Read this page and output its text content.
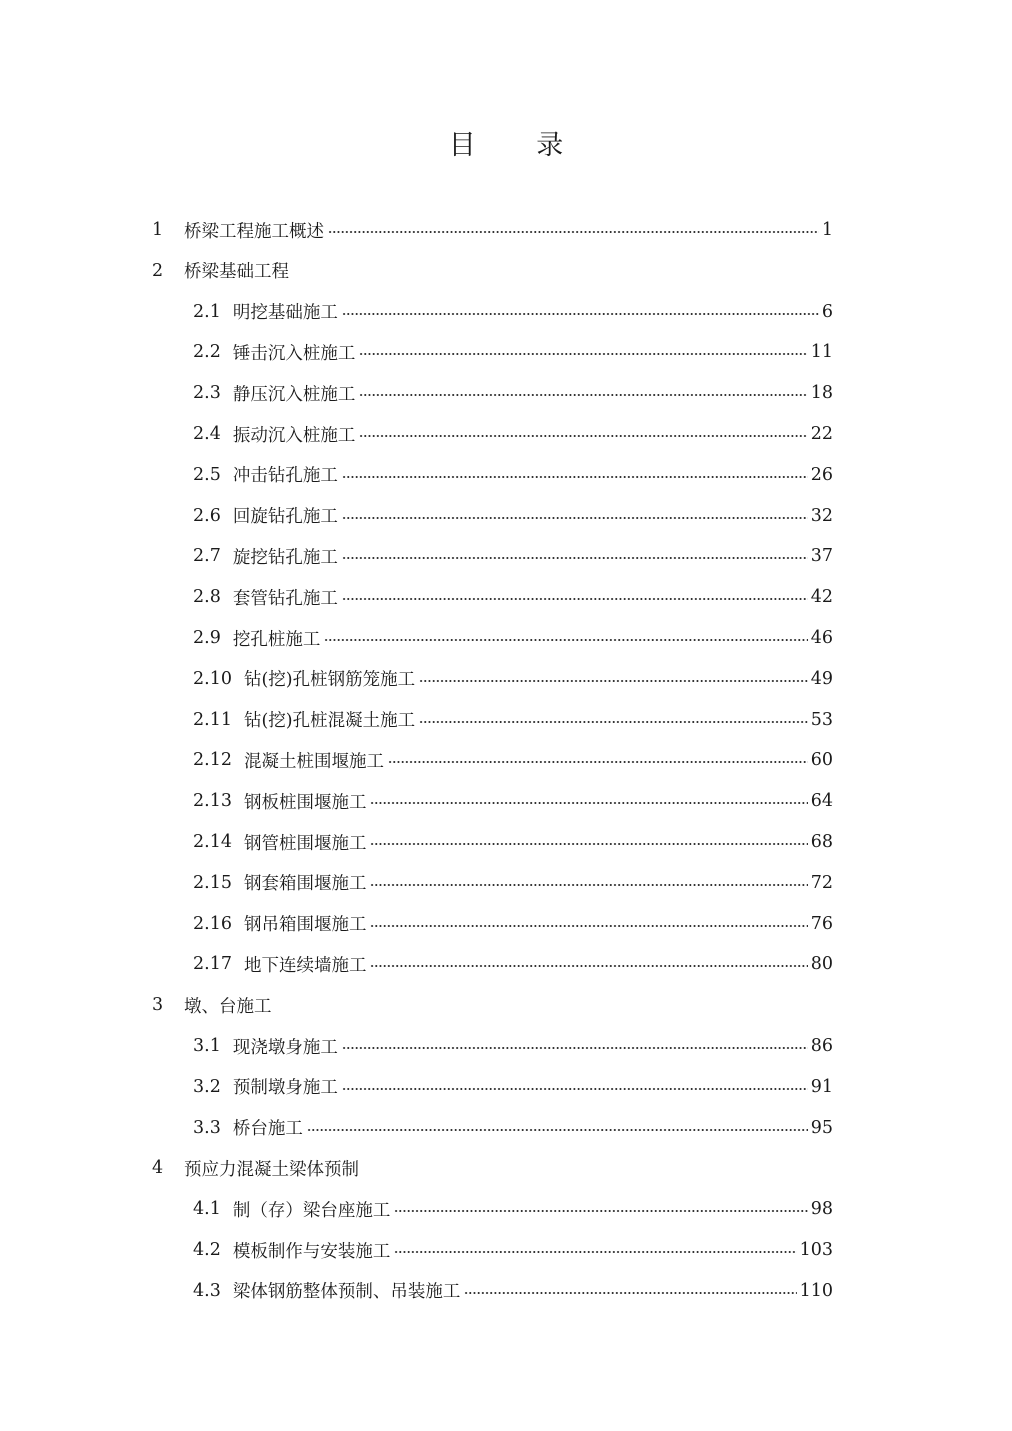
目 录
1	桥梁工程施工概述	1
2	桥梁基础工程
2.1 明挖基础施工	6
2.2 锤击沉入桩施工	11
2.3 静压沉入桩施工	18
2.4 振动沉入桩施工	22
2.5 冲击钻孔施工	26
2.6 回旋钻孔施工	32
2.7 旋挖钻孔施工	37
2.8 套管钻孔施工	42
2.9 挖孔桩施工	46
2.10 钻(挖)孔桩钢筋笼施工	49
2.11 钻(挖)孔桩混凝土施工	53
2.12 混凝土桩围堰施工	60
2.13 钢板桩围堰施工	64
2.14 钢管桩围堰施工	68
2.15 钢套箱围堰施工	72
2.16 钢吊箱围堰施工	76
2.17 地下连续墙施工	80
3	墩、台施工
3.1 现浇墩身施工	86
3.2 预制墩身施工	91
3.3 桥台施工	95
4	预应力混凝土梁体预制
4.1 制（存）梁台座施工	98
4.2 模板制作与安装施工	103
4.3 梁体钢筋整体预制、吊装施工	110
